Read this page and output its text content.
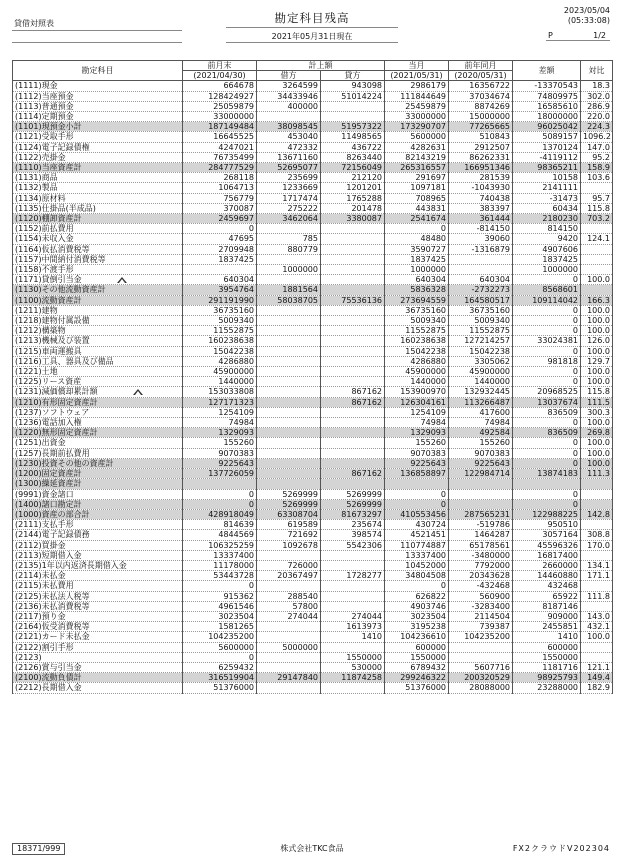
貸借対照表	勘定科目残高
2021年05月31日現在
2023/05/04
(05:33:08)
P	1/2

勘定科目	前月末	計上額		当月	前年同月	差額	対比
	(2021/04/30)			(2021/05/31)	(2020/05/31)		
		借方	貸方				
(1111)現金	664678	3264599	943098	2986179	16356722	-13370543	18.3
(1112)当座預金	128424927	34433946	51014224	111844649	37034674	74809975	302.0
(1113)普通預金	25059879	400000		25459879	8874269	16585610	286.9
(1114)定期預金	33000000			33000000	15000000	18000000	220.0
(1101)現預金小計	187149484	38098545	51957322	173290707	77265665	96025042	224.3
(1121)受取手形	16645525	453040	11498565	5600000	510843	5089157	1096.2
(1124)電子記録債権	4247021	472332	436722	4282631	2912507	1370124	147.0
(1122)売掛金	76735499	13671160	8263440	82143219	86262331	-4119112	95.2
(1110)当座資産計	284777529	52695077	72156049	265316557	166951346	98365211	158.9
(1131)商品	268118	235699	212120	291697	281539	10158	103.6
(1132)製品	1064713	1233669	1201201	1097181	-1043930	2141111	
(1134)原材料	756779	1717474	1765288	708965	740438	-31473	95.7
(1135)仕掛品(半成品)	370087	275222	201478	443831	383397	60434	115.8
(1120)棚卸資産計	2459697	3462064	3380087	2541674	361444	2180230	703.2
(1152)前払費用	0			0	-814150	814150	
(1154)未収入金	47695	785		48480	39060	9420	124.1
(1164)仮払消費税等	2709948	880779		3590727	-1316879	4907606	
(1157)中間納付消費税等	1837425			1837425		1837425	
(1158)不渡手形		1000000		1000000		1000000	
(1171)貸倒引当金	640304			640304	640304	0	100.0
(1130)その他流動資産計	3954764	1881564		5836328	-2732273	8568601	
(1100)流動資産計	291191990	58038705	75536136	273694559	164580517	109114042	166.3
(1211)建物	36735160			36735160	36735160	0	100.0
(1218)建物付属設備	5009340			5009340	5009340	0	100.0
(1212)構築物	11552875			11552875	11552875	0	100.0
(1213)機械及び装置	160238638			160238638	127214257	33024381	126.0
(1215)車両運搬具	15042238			15042238	15042238	0	100.0
(1216)工具、器具及び備品	4286880			4286880	3305062	981818	129.7
(1221)土地	45900000			45900000	45900000	0	100.0
(1225)リース資産	1440000			1440000	1440000	0	100.0
(1231)減価償却累計額	153033808		867162	153900970	132932445	20968525	115.8
(1210)有形固定資産計	127171323		867162	126304161	113266487	13037674	111.5
(1237)ソフトウェア	1254109			1254109	417600	836509	300.3
(1236)電話加入権	74984			74984	74984	0	100.0
(1220)無形固定資産計	1329093			1329093	492584	836509	269.8
(1251)出資金	155260			155260	155260	0	100.0
(1257)長期前払費用	9070383			9070383	9070383	0	100.0
(1230)投資その他の資産計	9225643			9225643	9225643	0	100.0
(1200)固定資産計	137726059		867162	136858897	122984714	13874183	111.3
(1300)繰延資産計							
(9991)資金諸口	0	5269999	5269999	0		0	
(1400)諸口勘定計	0	5269999	5269999	0		0	
(1000)資産の部合計	428918049	63308704	81673297	410553456	287565231	122988225	142.8
(2111)支払手形	814639	619589	235674	430724	-519786	950510	
(2144)電子記録債務	4844569	721692	398574	4521451	1464287	3057164	308.8
(2112)買掛金	106325259	1092678	5542306	110774887	65178561	45596326	170.0
(2113)短期借入金	13337400			13337400	-3480000	16817400	
(2135)1年以内返済長期借入金	11178000	726000		10452000	7792000	2660000	134.1
(2114)未払金	53443728	20367497	1728277	34804508	20343628	14460880	171.1
(2115)未払費用	0			0	-432468	432468	
(2125)未払法人税等	915362	288540		626822	560900	65922	111.8
(2136)未払消費税等	4961546	57800		4903746	-3283400	8187146	
(2117)預り金	3023504	274044	274044	3023504	2114504	909000	143.0
(2164)仮受消費税等	1581265		1613973	3195238	739387	2455851	432.1
(2121)カード未払金	104235200		1410	104236610	104235200	1410	100.0
(2122)割引手形	5600000	5000000		600000		600000	
(2123)	0		1550000	1550000		1550000	
(2126)賞与引当金	6259432		530000	6789432	5607716	1181716	121.1
(2100)流動負債計	316519904	29147840	11874258	299246322	200320529	98925793	149.4
(2212)長期借入金	51376000			51376000	28088000	23288000	182.9
18371/999	株式会社TKC食品	FX2クラウドV202304
